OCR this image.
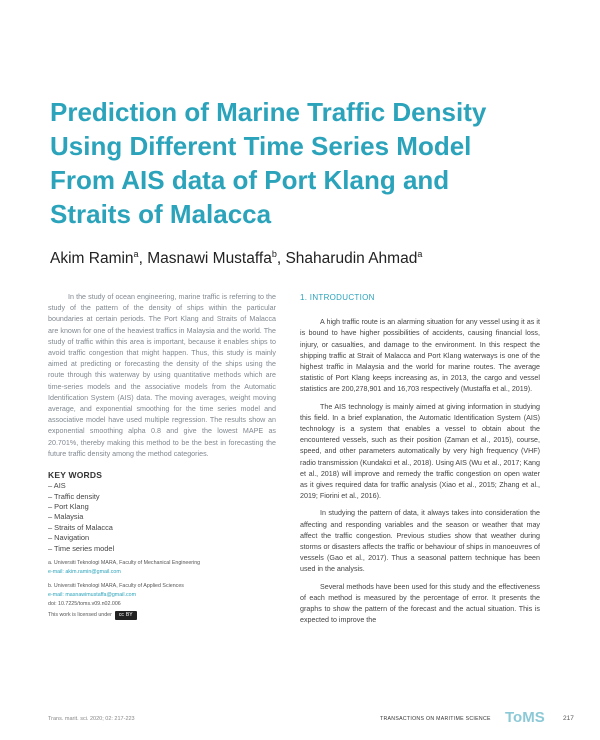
Prediction of Marine Traffic Density
Using Different Time Series Model
From AIS data of Port Klang and
Straits of Malacca
Akim Ramin$^a$, Masnawi Mustaffa$^b$, Shaharudin Ahmad$^a$

In the study of ocean engineering, marine traffic is referring to the study of the pattern of the density of ships within the particular boundaries at certain periods. The Port Klang and Straits of Malacca are known for one of the heaviest traffics in Malaysia and the world. The study of traffic within this area is important, because it enables ships to avoid traffic congestion that might happen. Thus, this study is mainly aimed at predicting or forecasting the density of the ships using the route through this waterway by using quantitative methods which are time-series models and the associative models from the Automatic Identification System (AIS) data. The moving averages, weight moving average, and exponential smoothing for the time series model and associative model have used multiple regression. The results show an exponential smoothing alpha 0.8 and give the lowest MAPE as 20.701%, thereby making this method to be the best in forecasting the future traffic density among the method categories.

KEY WORDS
– AIS
– Traffic density
– Port Klang
– Malaysia
– Straits of Malacca
– Navigation
– Time series model

a. Universiti Teknologi MARA, Faculty of Mechanical Engineering

e-mail: akim.ramin@gmail.com

b. Universiti Teknologi MARA, Faculty of Applied Sciences

e-mail: masnawimustaffa@gmail.com

doi: 10.7225/toms.v09.n02.006

This work is licensed under cc BY
1. INTRODUCTION

A high traffic route is an alarming situation for any vessel using it as it is bound to have higher possibilities of accidents, causing financial loss, injury, or casualties, and damage to the environment. In this respect the shipping traffic at Strait of Malacca and Port Klang waterways is one of the highest traffic in Malaysia and the world for marine routes. The average statistic of Port Klang keeps increasing as, in 2013, the cargo and vessel statistics are 200,278,901 and 16,703 respectively (Mustaffa et al., 2019).

The AIS technology is mainly aimed at giving information in studying this field. In a brief explanation, the Automatic Identification System (AIS) technology is a system that enables a vessel to obtain about the encountered vessels, such as their position (Zaman et al., 2015), course, speed, and other parameters automatically by very high frequency (VHF) radio transmission (Kundakci et al., 2018). Using AIS (Wu et al., 2017; Kang et al., 2018) will improve and remedy the traffic congestion on open water as it gives required data for traffic analysis (Xiao et al., 2015; Zhang et al., 2019; Fiorini et al., 2016).

In studying the pattern of data, it always takes into consideration the affecting and responding variables and the season or weather that may affect the traffic congestion. Previous studies show that weather during storms or disasters affects the traffic or behaviour of ships in manoeuvres of vessels (Gao et al., 2017). Thus a seasonal pattern technique has been used in the analysis.

Several methods have been used for this study and the effectiveness of each method is measured by the percentage of error. It presents the graphs to show the pattern of the forecast and the actual situation. This is expected to improve the

Trans. marit. sci. 2020; 02: 217-223	TRANSACTIONS ON MARITIME SCIENCE ToMS	217
